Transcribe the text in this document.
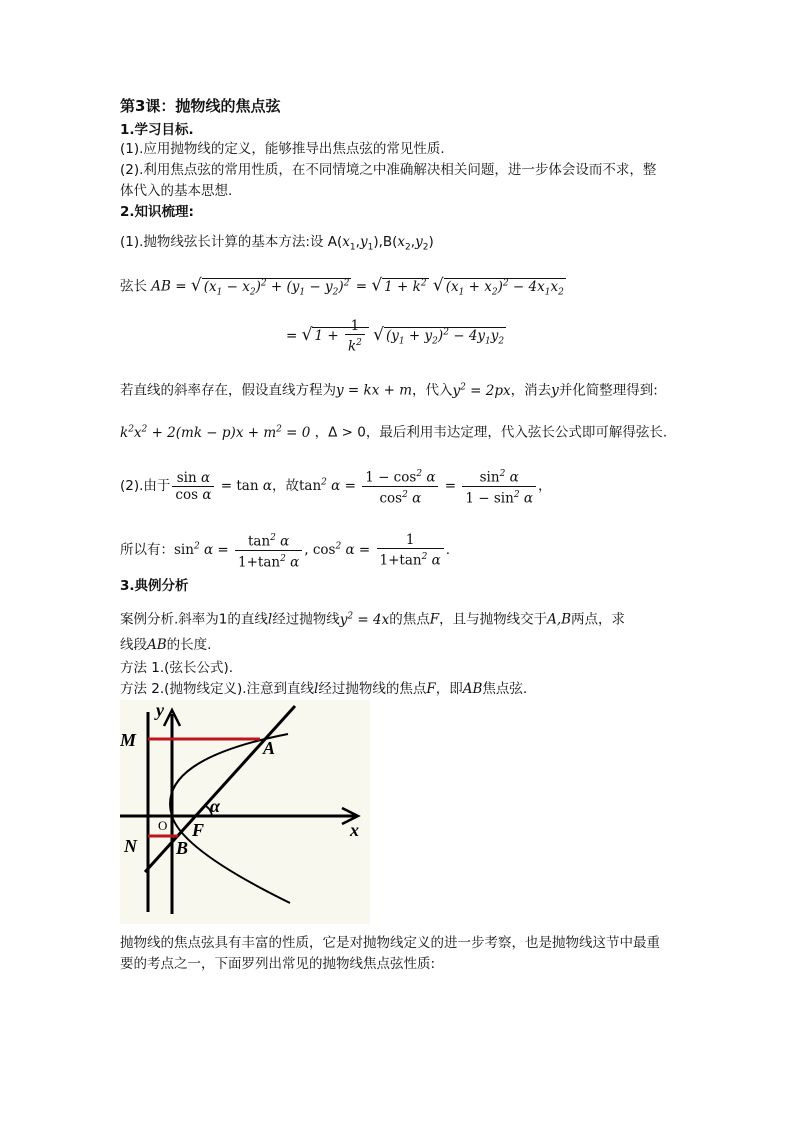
第3课：抛物线的焦点弦
1.学习目标.
(1).应用抛物线的定义，能够推导出焦点弦的常见性质.
(2).利用焦点弦的常用性质，在不同情境之中准确解决相关问题，进一步体会设而不求，整
体代入的基本思想.
2.知识梳理:
(1).抛物线弦长计算的基本方法:设 $A(x_1,y_1),B(x_2,y_2)$
弦长 AB = √ $(x_1 - x_2)^2 + (y_1 - y_2)^2$ = √ $1 + k^2$ √ $(x_1 + x_2)^2 - 4x_1x_2$
= √ $1 + \frac{1}{k^2}$ √ $(y_1 + y_2)^2 - 4y_1y_2$
若直线的斜率存在，假设直线方程为y = kx + m，代入$y^2 = 2px$，消去y并化简整理得到:
$k^2x^2 + 2(mk - p)x + m^2 = 0$ ，Δ > 0，最后利用韦达定理，代入弦长公式即可解得弦长.
(2).由于 $\frac{\text{sin α}}{\text{cos α}} = \tan \alpha$，故$\tan^2 \alpha = \frac{1 - \cos^2 \alpha}{\cos^2 \alpha} = \frac{\sin^2 \alpha}{1 - \sin^2 \alpha}$ ，
所以有：$\sin^2 \alpha = \frac{\tan^2 \alpha}{1+\tan^2 \alpha}$ , $\cos^2 \alpha = \frac{1}{1+\tan^2 \alpha}$ .
3.典例分析
案例分析.斜率为1的直线l经过抛物线$y^2 = 4x$的焦点F，且与抛物线交于A,B两点，求
线段AB的长度.
方法 1.(弦长公式).
方法 2.(抛物线定义).注意到直线l经过抛物线的焦点F，即AB焦点弦.
M	A
y
α
x
O F
N B
抛物线的焦点弦具有丰富的性质，它是对抛物线定义的进一步考察，也是抛物线这节中最重
要的考点之一，下面罗列出常见的抛物线焦点弦性质:
